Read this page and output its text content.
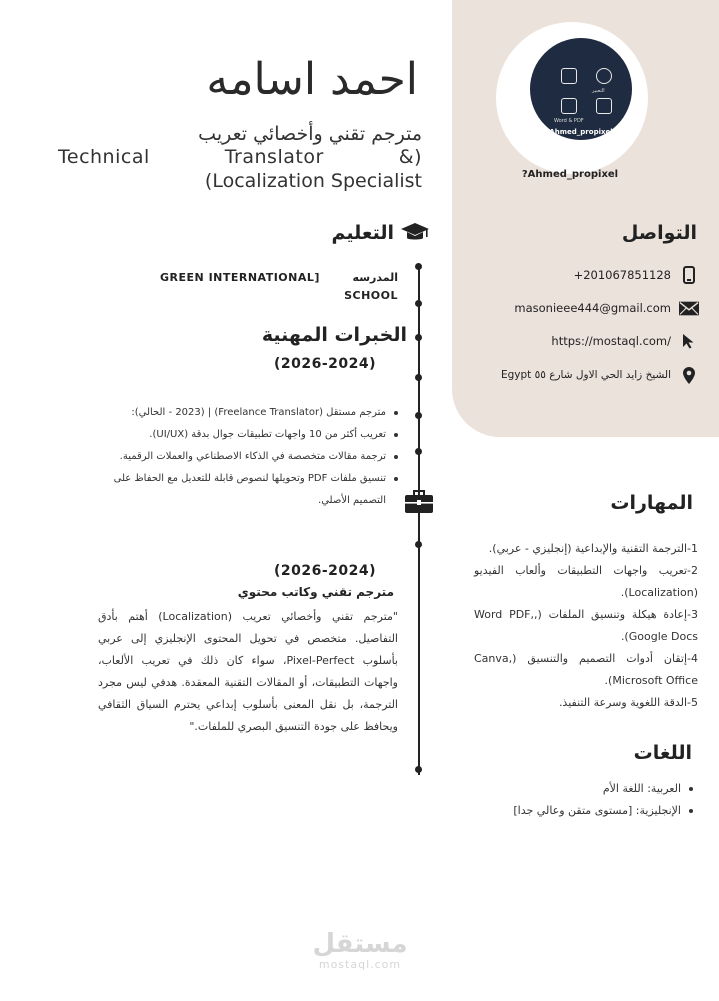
التعبير
Word & PDF
Ahmed_propixel
?Ahmed_propixel
التواصل
+201067851128
masonieee444@gmail.com
https://mostaql.com/
الشيخ زايد الحي الاول شارع ٥٥ Egypt
احمد اسامه
مترجم تقني وأخصائي تعريب
Technical Translator &)
(Localization Specialist
التعليم
GREEN INTERNATIONAL]	المدرسه
SCHOOL
الخبرات المهنية
(2026-2024)
مترجم مستقل (Freelance Translator) | (2023 - الحالي):
تعريب أكثر من 10 واجهات تطبيقات جوال بدقة (UI/UX).
ترجمة مقالات متخصصة في الذكاء الاصطناعي والعملات الرقمية.
تنسيق ملفات PDF وتحويلها لنصوص قابلة للتعديل مع الحفاظ على التصميم الأصلي.
(2026-2024)
مترجم تقني وكاتب محتوي
"مترجم تقني وأخصائي تعريب (Localization) أهتم بأدق التفاصيل. متخصص في تحويل المحتوى الإنجليزي إلى عربي بأسلوب Pixel-Perfect، سواء كان ذلك في تعريب الألعاب، واجهات التطبيقات، أو المقالات التقنية المعقدة. هدفي ليس مجرد الترجمة، بل نقل المعنى بأسلوب إبداعي يحترم السياق الثقافي ويحافظ على جودة التنسيق البصري للملفات."
المهارات
1-الترجمة التقنية والإبداعية (إنجليزي - عربي).
2-تعريب واجهات التطبيقات وألعاب الفيديو (Localization).
3-إعادة هيكلة وتنسيق الملفات (,Word PDF, Google Docs).
4-إتقان أدوات التصميم والتنسيق (Canva, Microsoft Office).
5-الدقة اللغوية وسرعة التنفيذ.
اللغات
العربية: اللغة الأم
الإنجليزية: [مستوى متقن وعالي جدا]
مستقل
mostaql.com
